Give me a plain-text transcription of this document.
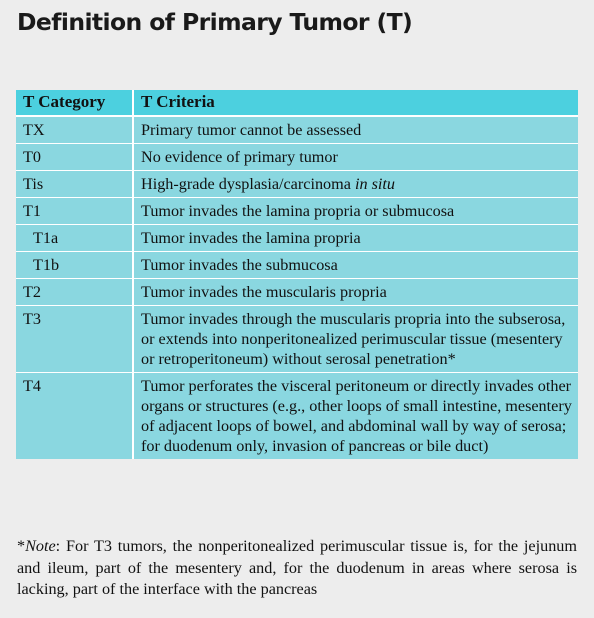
Definition of Primary Tumor (T)
T Category	T Criteria
TX	Primary tumor cannot be assessed
T0	No evidence of primary tumor
Tis	High-grade dysplasia/carcinoma in situ
T1	Tumor invades the lamina propria or submucosa
T1a	Tumor invades the lamina propria
T1b	Tumor invades the submucosa
T2	Tumor invades the muscularis propria
T3	Tumor invades through the muscularis propria into the subserosa, or extends into nonperitonealized perimuscular tissue (mesentery or retroperitoneum) without serosal penetration*
T4	Tumor perforates the visceral peritoneum or directly invades other organs or structures (e.g., other loops of small intestine, mesentery of adjacent loops of bowel, and abdominal wall by way of serosa; for duodenum only, invasion of pancreas or bile duct)
*Note: For T3 tumors, the nonperitonealized perimuscular tissue is, for the jejunum and ileum, part of the mesentery and, for the duodenum in areas where serosa is lacking, part of the interface with the pancreas
